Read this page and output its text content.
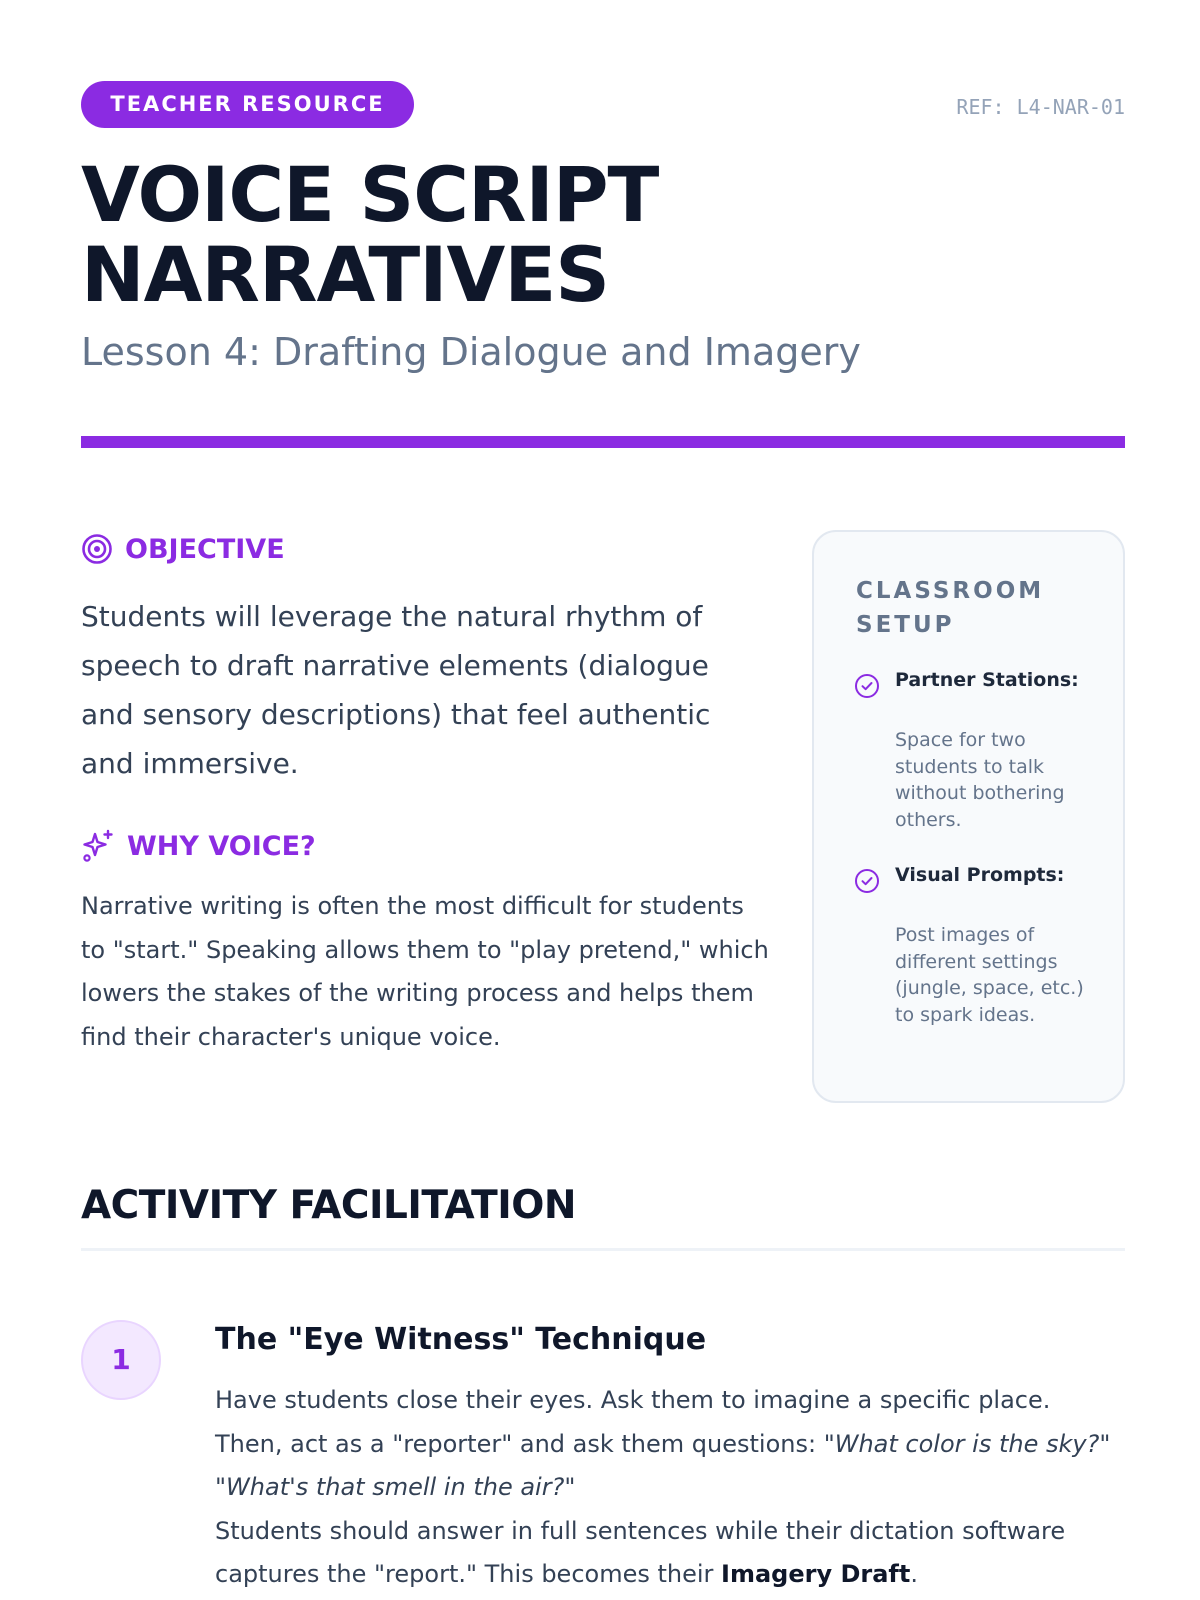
TEACHER RESOURCE	REF: L4-NAR-01
VOICE SCRIPT
NARRATIVES
Lesson 4: Drafting Dialogue and Imagery
OBJECTIVE

Students will leverage the natural rhythm of speech to draft narrative elements (dialogue and sensory descriptions) that feel authentic and immersive.

WHY VOICE?

Narrative writing is often the most difficult for students to "start." Speaking allows them to "play pretend," which lowers the stakes of the writing process and helps them find their character's unique voice.

CLASSROOM SETUP
Partner Stations:

Space for two students to talk without bothering others.

Visual Prompts:

Post images of different settings (jungle, space, etc.) to spark ideas.

ACTIVITY FACILITATION
1
The "Eye Witness" Technique
Have students close their eyes. Ask them to imagine a specific place. Then, act as a "reporter" and ask them questions: "What color is the sky?" "What's that smell in the air?"
Students should answer in full sentences while their dictation software captures the "report." This becomes their Imagery Draft.
